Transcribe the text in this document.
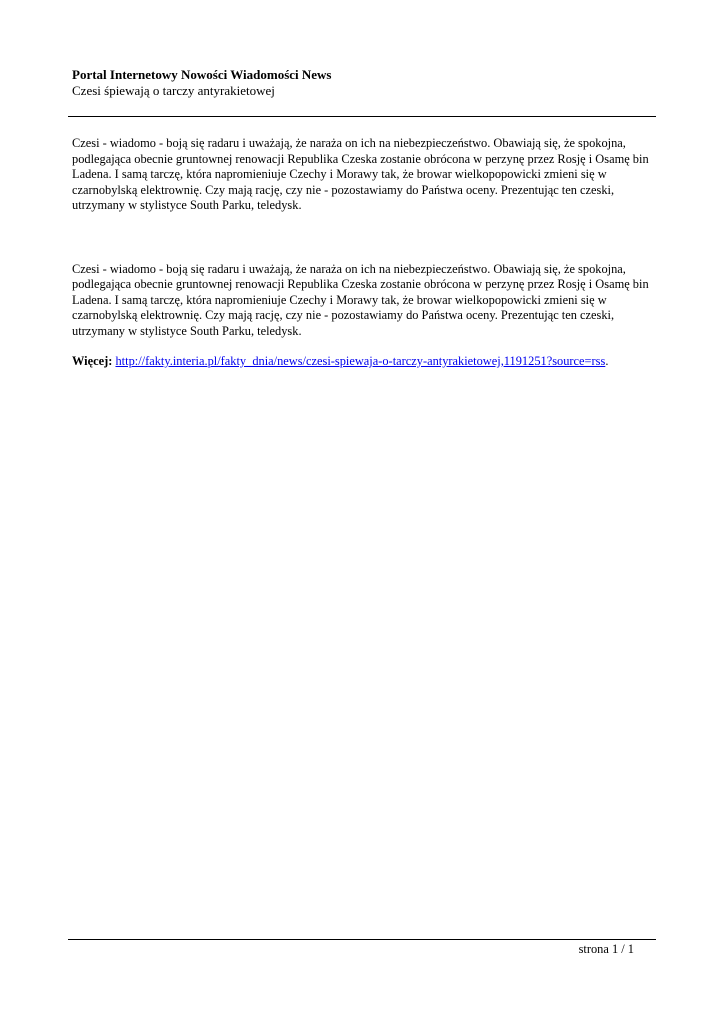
Portal Internetowy Nowości Wiadomości News
Czesi śpiewają o tarczy antyrakietowej

Czesi - wiadomo - boją się radaru i uważają, że naraża on ich na niebezpieczeństwo. Obawiają się, że spokojna, podlegająca obecnie gruntownej renowacji Republika Czeska zostanie obrócona w perzynę przez Rosję i Osamę bin Ladena. I samą tarczę, która napromieniuje Czechy i Morawy tak, że browar wielkopopowicki zmieni się w czarnobylską elektrownię. Czy mają rację, czy nie - pozostawiamy do Państwa oceny. Prezentując ten czeski, utrzymany w stylistyce South Parku, teledysk.

Czesi - wiadomo - boją się radaru i uważają, że naraża on ich na niebezpieczeństwo. Obawiają się, że spokojna, podlegająca obecnie gruntownej renowacji Republika Czeska zostanie obrócona w perzynę przez Rosję i Osamę bin Ladena. I samą tarczę, która napromieniuje Czechy i Morawy tak, że browar wielkopopowicki zmieni się w czarnobylską elektrownię. Czy mają rację, czy nie - pozostawiamy do Państwa oceny. Prezentując ten czeski, utrzymany w stylistyce South Parku, teledysk.

Więcej: http://fakty.interia.pl/fakty_dnia/news/czesi-spiewaja-o-tarczy-antyrakietowej,1191251?source=rss.

strona 1 / 1
